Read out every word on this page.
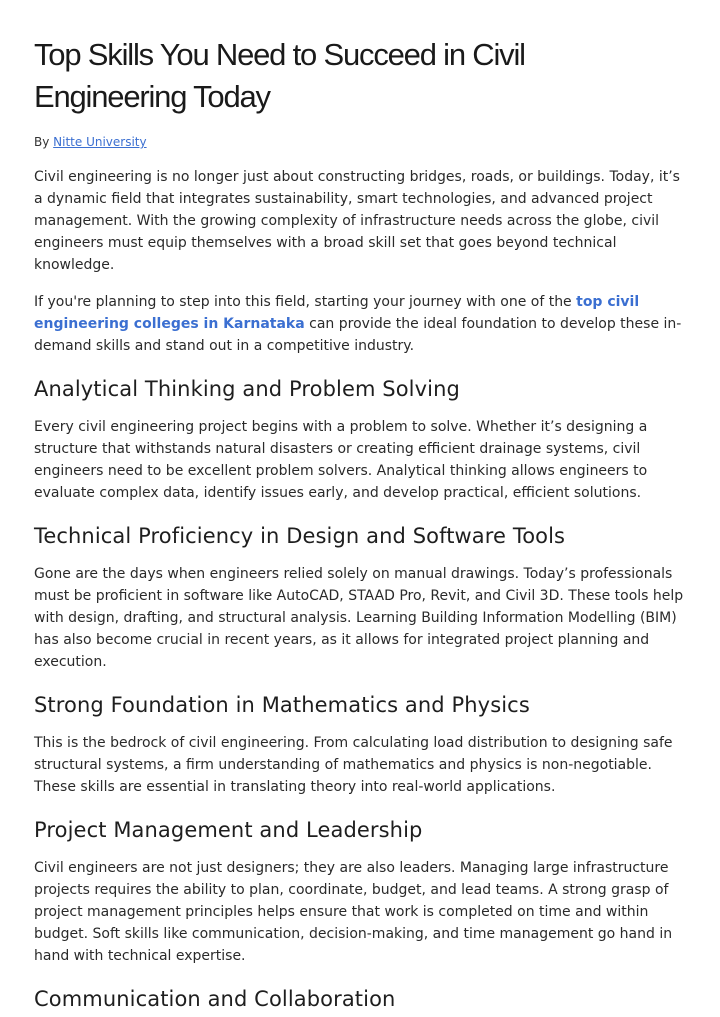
Top Skills You Need to Succeed in Civil Engineering Today
By Nitte University

Civil engineering is no longer just about constructing bridges, roads, or buildings. Today, it’s a dynamic field that integrates sustainability, smart technologies, and advanced project management. With the growing complexity of infrastructure needs across the globe, civil engineers must equip themselves with a broad skill set that goes beyond technical knowledge.

If you're planning to step into this field, starting your journey with one of the top civil engineering colleges in Karnataka can provide the ideal foundation to develop these in-demand skills and stand out in a competitive industry.

Analytical Thinking and Problem Solving

Every civil engineering project begins with a problem to solve. Whether it’s designing a structure that withstands natural disasters or creating efficient drainage systems, civil engineers need to be excellent problem solvers. Analytical thinking allows engineers to evaluate complex data, identify issues early, and develop practical, efficient solutions.

Technical Proficiency in Design and Software Tools

Gone are the days when engineers relied solely on manual drawings. Today’s professionals must be proficient in software like AutoCAD, STAAD Pro, Revit, and Civil 3D. These tools help with design, drafting, and structural analysis. Learning Building Information Modelling (BIM) has also become crucial in recent years, as it allows for integrated project planning and execution.

Strong Foundation in Mathematics and Physics

This is the bedrock of civil engineering. From calculating load distribution to designing safe structural systems, a firm understanding of mathematics and physics is non-negotiable. These skills are essential in translating theory into real-world applications.

Project Management and Leadership

Civil engineers are not just designers; they are also leaders. Managing large infrastructure projects requires the ability to plan, coordinate, budget, and lead teams. A strong grasp of project management principles helps ensure that work is completed on time and within budget. Soft skills like communication, decision-making, and time management go hand in hand with technical expertise.

Communication and Collaboration
